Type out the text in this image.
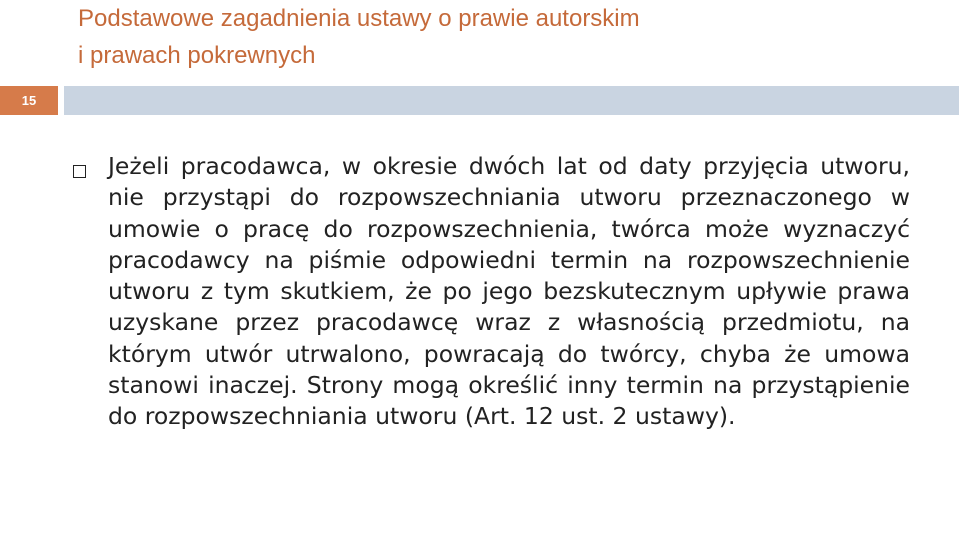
Podstawowe zagadnienia ustawy o prawie autorskim
i prawach pokrewnych
15

Jeżeli pracodawca, w okresie dwóch lat od daty przyjęcia utworu, nie przystąpi do rozpowszechniania utworu przeznaczonego w umowie o pracę do rozpowszechnienia, twórca może wyznaczyć pracodawcy na piśmie odpowiedni termin na rozpowszechnienie utworu z tym skutkiem, że po jego bezskutecznym upływie prawa uzyskane przez pracodawcę wraz z własnością przedmiotu, na którym utwór utrwalono, powracają do twórcy, chyba że umowa stanowi inaczej. Strony mogą określić inny termin na przystąpienie do rozpowszechniania utworu (Art. 12 ust. 2 ustawy).
